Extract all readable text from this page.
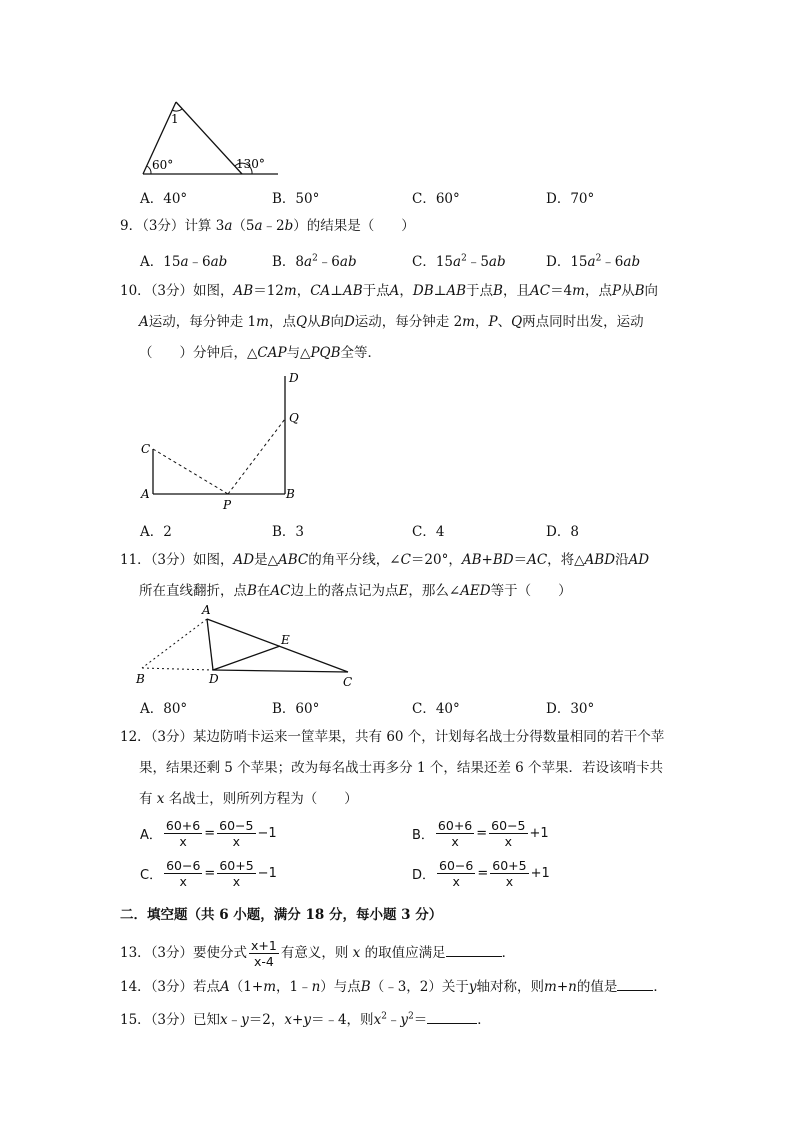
1
60°	130°
A．40°	B．50°	C．60°	D．70°
9．（3分）计算 3a（5a﹣2b）的结果是（　　）
A．15a﹣6ab	B．$8a^2﹣6ab$	C．$15a^2﹣5ab$	D．$15a^2﹣6ab$
10．（3分）如图，AB＝12m，CA⊥AB于点A，DB⊥AB于点B，且AC＝4m，点P从B向
A运动，每分钟走 1m，点Q从B向D运动，每分钟走 2m，P、Q两点同时出发，运动
（　　）分钟后，△CAP与△PQB全等．
D
Q
C
A	B
P
A．2	B．3	C．4	D．8
11．（3分）如图，AD是△ABC的角平分线，∠C＝20°，AB+BD＝AC，将△ABD沿AD
所在直线翻折，点B在AC边上的落点记为点E，那么∠AED等于（　　）
A
E
B	D	C
A．80°	B．60°	C．40°	D．30°
12．（3分）某边防哨卡运来一筐苹果，共有 60 个，计划每名战士分得数量相同的若干个苹
果，结果还剩 5 个苹果；改为每名战士再多分 1 个，结果还差 6 个苹果．若设该哨卡共
有 x 名战士，则所列方程为（　　）
A． $\frac{60+6}{x} = \frac{60-5}{x} -1$	B． $\frac{60+6}{x} = \frac{60-5}{x} +1$
C． $\frac{60-6}{x} = \frac{60+5}{x} -1$	D． $\frac{60-6}{x} = \frac{60+5}{x} +1$
二．填空题（共 6 小题，满分 18 分，每小题 3 分）
13．（3分）要使分式 $\frac{x+1}{x-4}$ 有意义，则 x 的取值应满足	．
14．（3分）若点A（1+m，1﹣n）与点B（﹣3，2）关于y轴对称，则m+n的值是	．
15．（3分）已知x﹣y＝2，x+y＝﹣4，则$x^2﹣y^2=$	．
